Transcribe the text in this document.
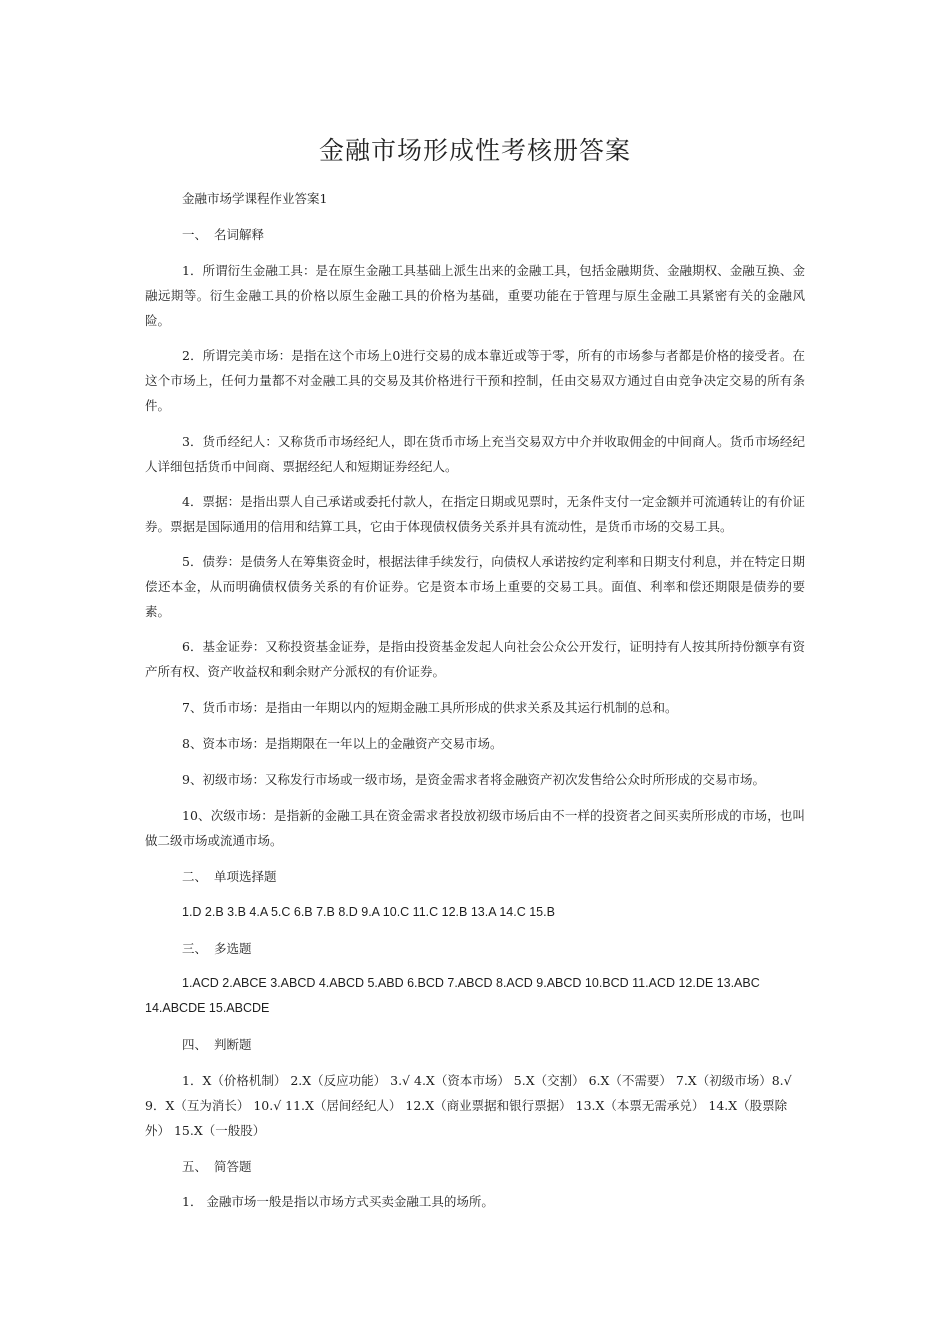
金融市场形成性考核册答案
金融市场学课程作业答案1
一、 名词解释
1．所谓衍生金融工具：是在原生金融工具基础上派生出来的金融工具，包括金融期货、金融期权、金融互换、金融远期等。衍生金融工具的价格以原生金融工具的价格为基础，重要功能在于管理与原生金融工具紧密有关的金融风险。
2．所谓完美市场：是指在这个市场上0进行交易的成本靠近或等于零，所有的市场参与者都是价格的接受者。在这个市场上，任何力量都不对金融工具的交易及其价格进行干预和控制，任由交易双方通过自由竞争决定交易的所有条件。
3．货币经纪人：又称货币市场经纪人，即在货币市场上充当交易双方中介并收取佣金的中间商人。货币市场经纪人详细包括货币中间商、票据经纪人和短期证券经纪人。
4．票据：是指出票人自己承诺或委托付款人，在指定日期或见票时，无条件支付一定金额并可流通转让的有价证券。票据是国际通用的信用和结算工具，它由于体现债权债务关系并具有流动性，是货币市场的交易工具。
5．债券：是债务人在筹集资金时，根据法律手续发行，向债权人承诺按约定利率和日期支付利息，并在特定日期偿还本金，从而明确债权债务关系的有价证券。它是资本市场上重要的交易工具。面值、利率和偿还期限是债券的要素。
6．基金证券：又称投资基金证券，是指由投资基金发起人向社会公众公开发行，证明持有人按其所持份额享有资产所有权、资产收益权和剩余财产分派权的有价证券。
7、货币市场：是指由一年期以内的短期金融工具所形成的供求关系及其运行机制的总和。
8、资本市场：是指期限在一年以上的金融资产交易市场。
9、初级市场：又称发行市场或一级市场，是资金需求者将金融资产初次发售给公众时所形成的交易市场。
10、次级市场：是指新的金融工具在资金需求者投放初级市场后由不一样的投资者之间买卖所形成的市场，也叫做二级市场或流通市场。
二、 单项选择题
1.D 2.B 3.B 4.A 5.C 6.B 7.B 8.D 9.A 10.C 11.C 12.B 13.A 14.C 15.B
三、 多选题
1.ACD 2.ABCE 3.ABCD 4.ABCD 5.ABD 6.BCD 7.ABCD 8.ACD 9.ABCD 10.BCD 11.ACD 12.DE 13.ABC
14.ABCDE 15.ABCDE
四、 判断题
1．X（价格机制） 2.X（反应功能） 3.√ 4.X（资本市场） 5.X（交割） 6.X（不需要） 7.X（初级市场）8.√
9．X（互为消长） 10.√ 11.X（居间经纪人） 12.X（商业票据和银行票据） 13.X（本票无需承兑） 14.X（股票除
外） 15.X（一般股）
五、 简答题
1． 金融市场一般是指以市场方式买卖金融工具的场所。
